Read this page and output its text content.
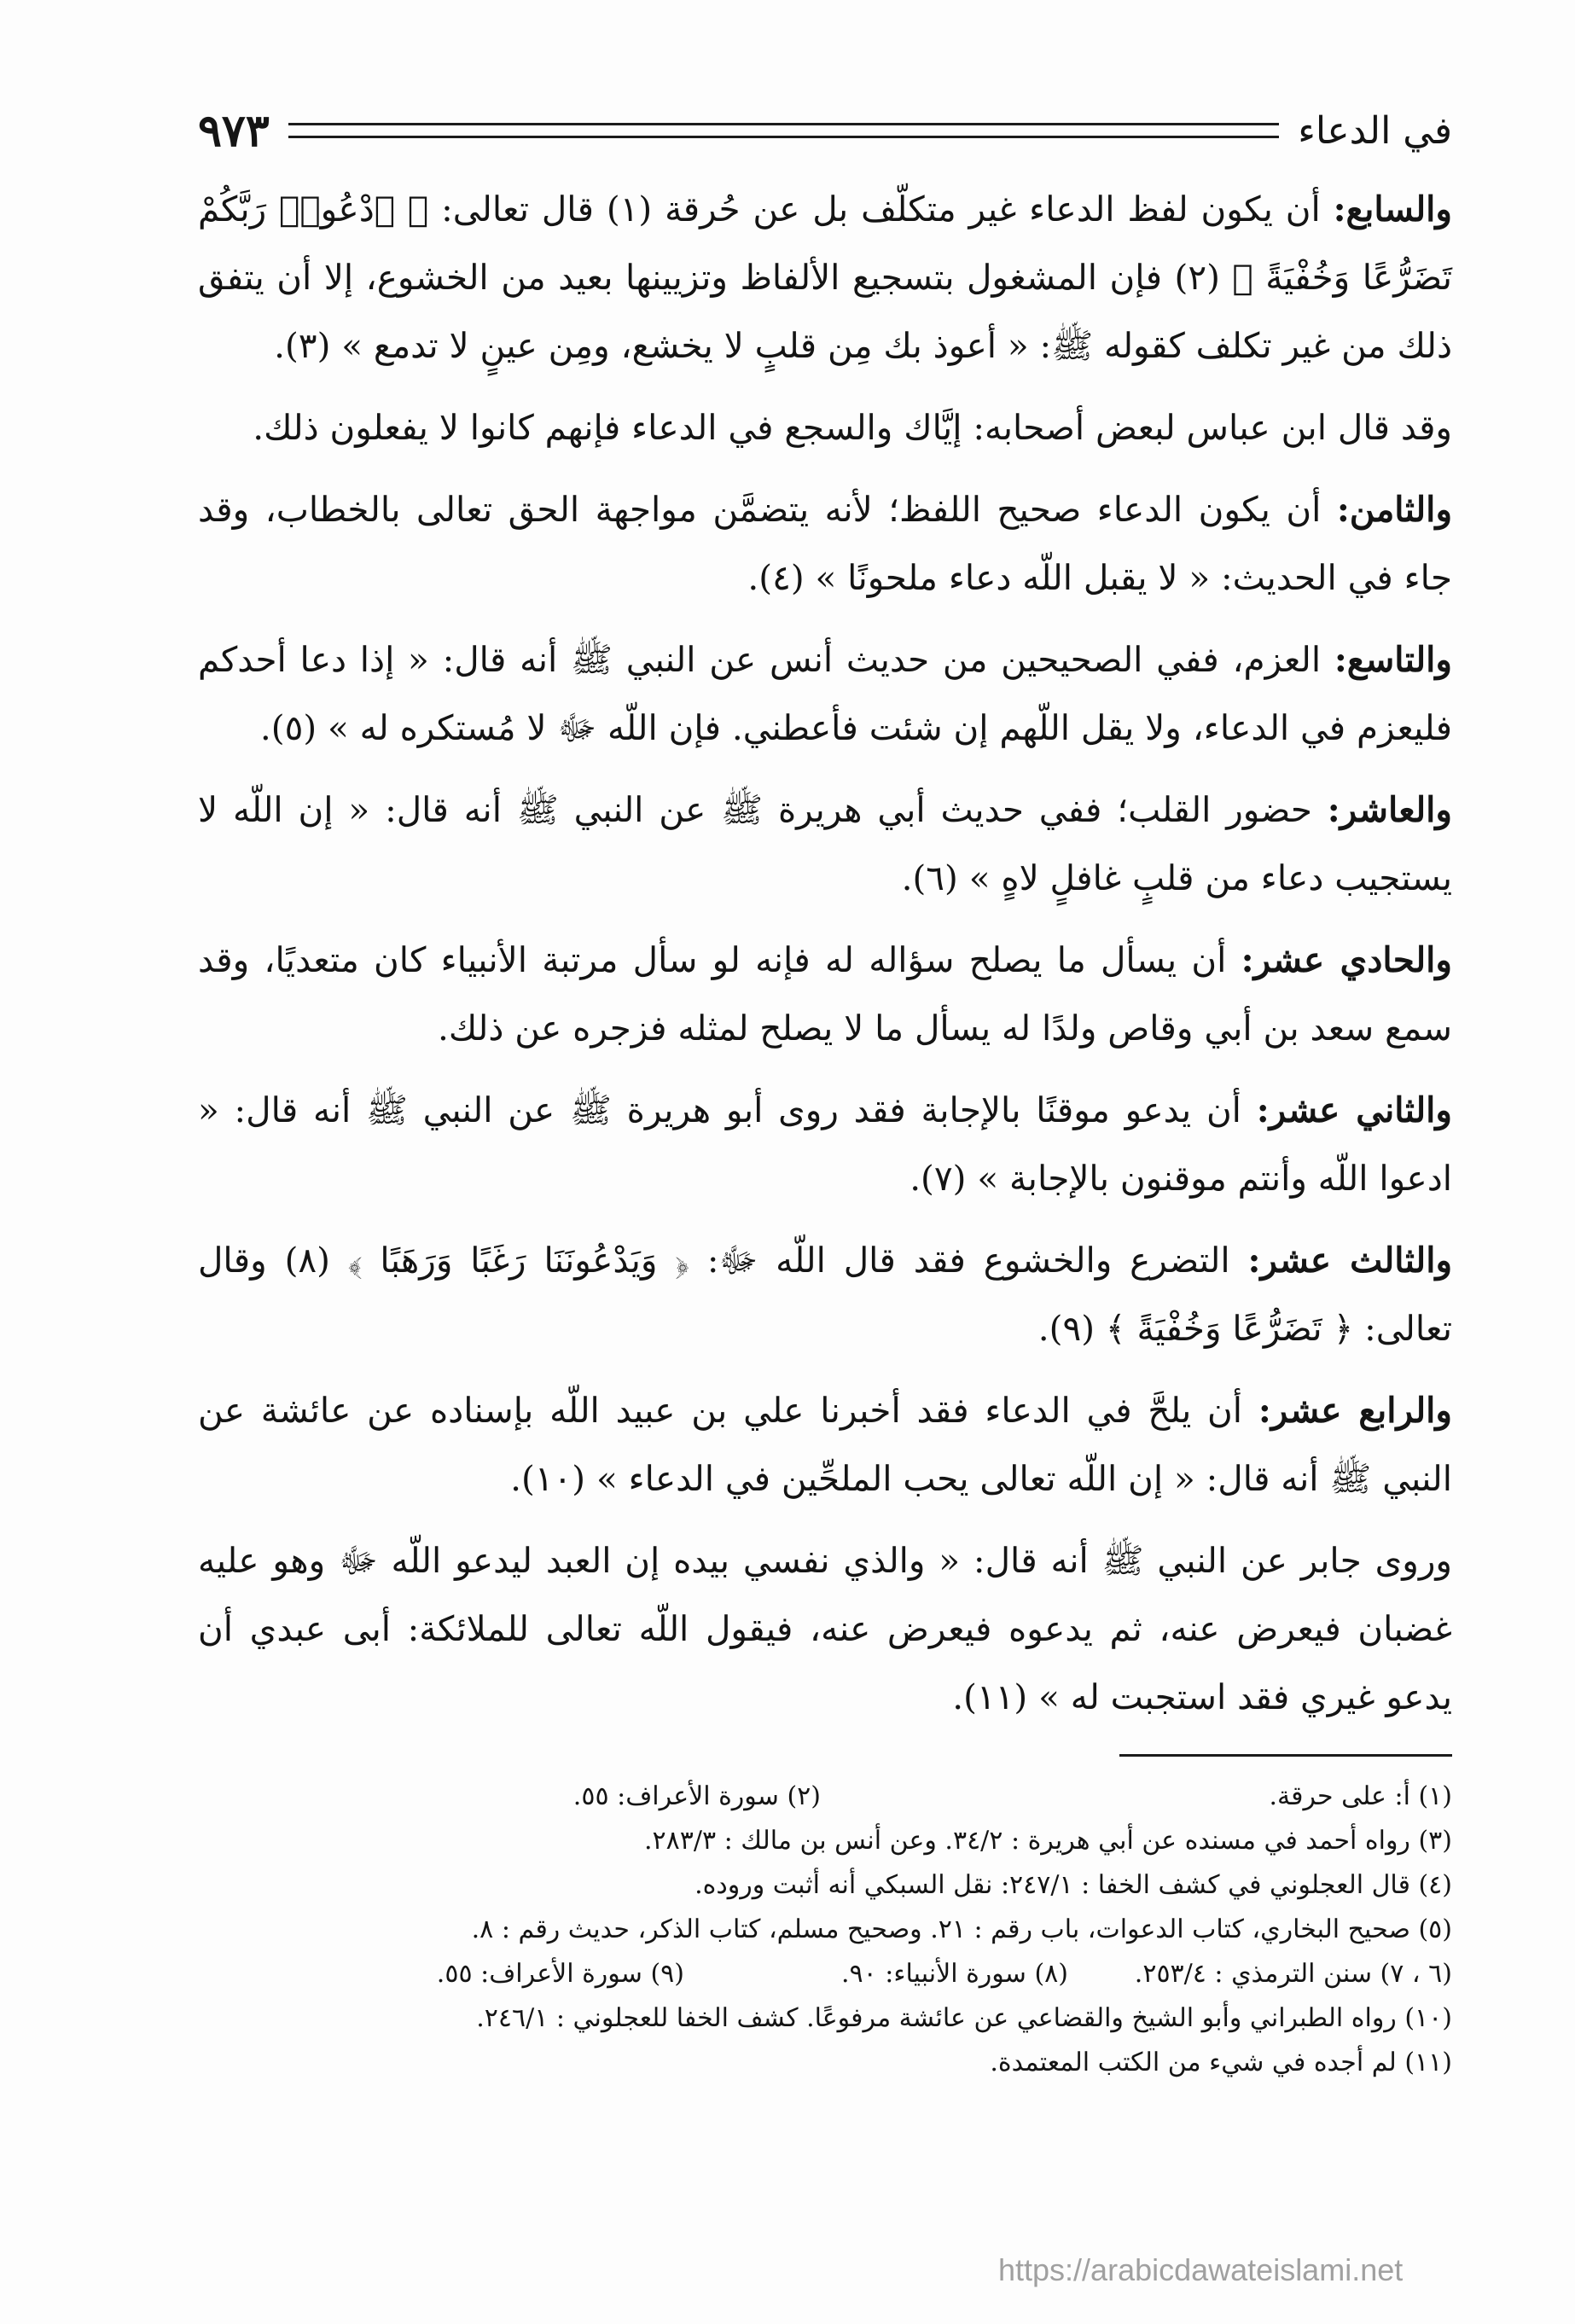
في الدعاء
٩٧٣

والسابع: أن يكون لفظ الدعاء غير متكلّف بل عن حُرقة (١) قال تعالى: ﴿ ٱدْعُوا۟ رَبَّكُمْ تَضَرُّعًا وَخُفْيَةً ﴾ (٢) فإن المشغول بتسجيع الألفاظ وتزيينها بعيد من الخشوع، إلا أن يتفق ذلك من غير تكلف كقوله ﷺ: « أعوذ بك مِن قلبٍ لا يخشع، ومِن عينٍ لا تدمع » (٣).

وقد قال ابن عباس لبعض أصحابه: إيَّاك والسجع في الدعاء فإنهم كانوا لا يفعلون ذلك.

والثامن: أن يكون الدعاء صحيح اللفظ؛ لأنه يتضمَّن مواجهة الحق تعالى بالخطاب، وقد جاء في الحديث: « لا يقبل اللّه دعاء ملحونًا » (٤).

والتاسع: العزم، ففي الصحيحين من حديث أنس عن النبي ﷺ أنه قال: « إذا دعا أحدكم فليعزم في الدعاء، ولا يقل اللّهم إن شئت فأعطني. فإن اللّه ﷻ لا مُستكره له » (٥).

والعاشر: حضور القلب؛ ففي حديث أبي هريرة ﷺ عن النبي ﷺ أنه قال: « إن اللّه لا يستجيب دعاء من قلبٍ غافلٍ لاهٍ » (٦).

والحادي عشر: أن يسأل ما يصلح سؤاله له فإنه لو سأل مرتبة الأنبياء كان متعديًا، وقد سمع سعد بن أبي وقاص ولدًا له يسأل ما لا يصلح لمثله فزجره عن ذلك.

والثاني عشر: أن يدعو موقنًا بالإجابة فقد روى أبو هريرة ﷺ عن النبي ﷺ أنه قال: « ادعوا اللّه وأنتم موقنون بالإجابة » (٧).

والثالث عشر: التضرع والخشوع فقد قال اللّه ﷻ: ﴿ وَيَدْعُونَنَا رَغَبًا وَرَهَبًا ﴾ (٨) وقال تعالى: ﴿ تَضَرُّعًا وَخُفْيَةً ﴾ (٩).

والرابع عشر: أن يلحَّ في الدعاء فقد أخبرنا علي بن عبيد اللّه بإسناده عن عائشة عن النبي ﷺ أنه قال: « إن اللّه تعالى يحب الملحِّين في الدعاء » (١٠).

وروى جابر عن النبي ﷺ أنه قال: « والذي نفسي بيده إن العبد ليدعو اللّه ﷻ وهو عليه غضبان فيعرض عنه، ثم يدعوه فيعرض عنه، فيقول اللّه تعالى للملائكة: أبى عبدي أن يدعو غيري فقد استجبت له » (١١).

(١) أ: على حرقة.
(٢) سورة الأعراف: ٥٥.
(٣) رواه أحمد في مسنده عن أبي هريرة : ٣٤/٢. وعن أنس بن مالك : ٢٨٣/٣.
(٤) قال العجلوني في كشف الخفا : ٢٤٧/١: نقل السبكي أنه أثبت وروده.
(٥) صحيح البخاري، كتاب الدعوات، باب رقم : ٢١. وصحيح مسلم، كتاب الذكر، حديث رقم : ٨.
(٦ ، ٧) سنن الترمذي : ٢٥٣/٤.
(٨) سورة الأنبياء: ٩٠.
(٩) سورة الأعراف: ٥٥.
(١٠) رواه الطبراني وأبو الشيخ والقضاعي عن عائشة مرفوعًا. كشف الخفا للعجلوني : ٢٤٦/١.
(١١) لم أجده في شيء من الكتب المعتمدة.
https://arabicdawateislami.net
